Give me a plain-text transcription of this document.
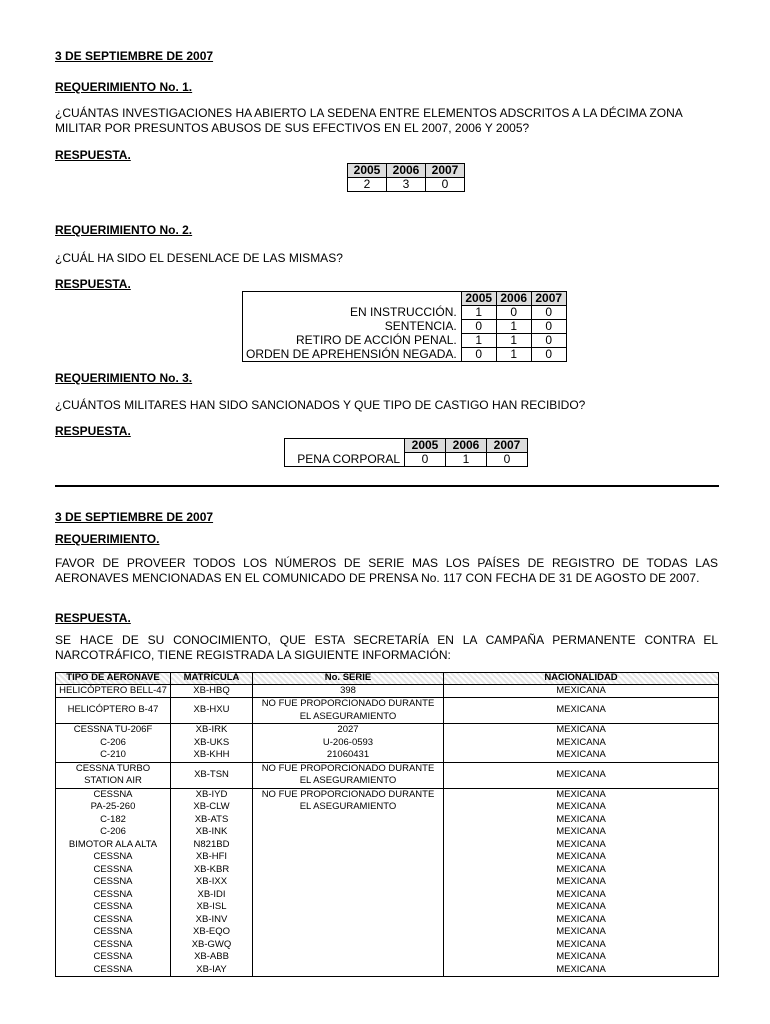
3 DE SEPTIEMBRE DE 2007
REQUERIMIENTO No. 1.
¿CUÁNTAS INVESTIGACIONES HA ABIERTO LA SEDENA ENTRE ELEMENTOS ADSCRITOS A LA DÉCIMA ZONA MILITAR POR PRESUNTOS ABUSOS DE SUS EFECTIVOS EN EL 2007, 2006 Y 2005?
RESPUESTA.
2005	2006	2007
2	3	0
REQUERIMIENTO No. 2.
¿CUÁL HA SIDO EL DESENLACE DE LAS MISMAS?
RESPUESTA.
	2005	2006	2007
EN INSTRUCCIÓN.	1	0	0
SENTENCIA.	0	1	0
RETIRO DE ACCIÓN PENAL.	1	1	0
ORDEN DE APREHENSIÓN NEGADA.	0	1	0
REQUERIMIENTO No. 3.
¿CUÁNTOS MILITARES HAN SIDO SANCIONADOS Y QUE TIPO DE CASTIGO HAN RECIBIDO?
RESPUESTA.
	2005	2006	2007
PENA CORPORAL	0	1	0
3 DE SEPTIEMBRE DE 2007
REQUERIMIENTO.
FAVOR DE PROVEER TODOS LOS NÚMEROS DE SERIE MAS LOS PAÍSES DE REGISTRO DE TODAS LAS AERONAVES MENCIONADAS EN EL COMUNICADO DE PRENSA No. 117 CON FECHA DE 31 DE AGOSTO DE 2007.
RESPUESTA.
SE HACE DE SU CONOCIMIENTO, QUE ESTA SECRETARÍA EN LA CAMPAÑA PERMANENTE CONTRA EL NARCOTRÁFICO, TIENE REGISTRADA LA SIGUIENTE INFORMACIÓN:
TIPO DE AERONAVE	MATRÍCULA	No. SERIE	NACIONALIDAD
HELICÓPTERO BELL-47	XB-HBQ	398	MEXICANA
HELICÓPTERO B-47	XB-HXU	NO FUE PROPORCIONADO DURANTE EL ASEGURAMIENTO	MEXICANA
CESSNA TU-206F	XB-IRK	2027	MEXICANA
C-206	XB-UKS	U-206-0593	MEXICANA
C-210	XB-KHH	21060431	MEXICANA
CESSNA TURBO STATION AIR	XB-TSN	NO FUE PROPORCIONADO DURANTE EL ASEGURAMIENTO	MEXICANA
CESSNA	XB-IYD	NO FUE PROPORCIONADO DURANTE EL ASEGURAMIENTO	MEXICANA
PA-25-260	XB-CLW		MEXICANA
C-182	XB-ATS		MEXICANA
C-206	XB-INK		MEXICANA
BIMOTOR ALA ALTA	N821BD		MEXICANA
CESSNA	XB-HFI		MEXICANA
CESSNA	XB-KBR		MEXICANA
CESSNA	XB-IXX		MEXICANA
CESSNA	XB-IDI		MEXICANA
CESSNA	XB-ISL		MEXICANA
CESSNA	XB-INV		MEXICANA
CESSNA	XB-EQO		MEXICANA
CESSNA	XB-GWQ		MEXICANA
CESSNA	XB-ABB		MEXICANA
CESSNA	XB-IAY		MEXICANA
